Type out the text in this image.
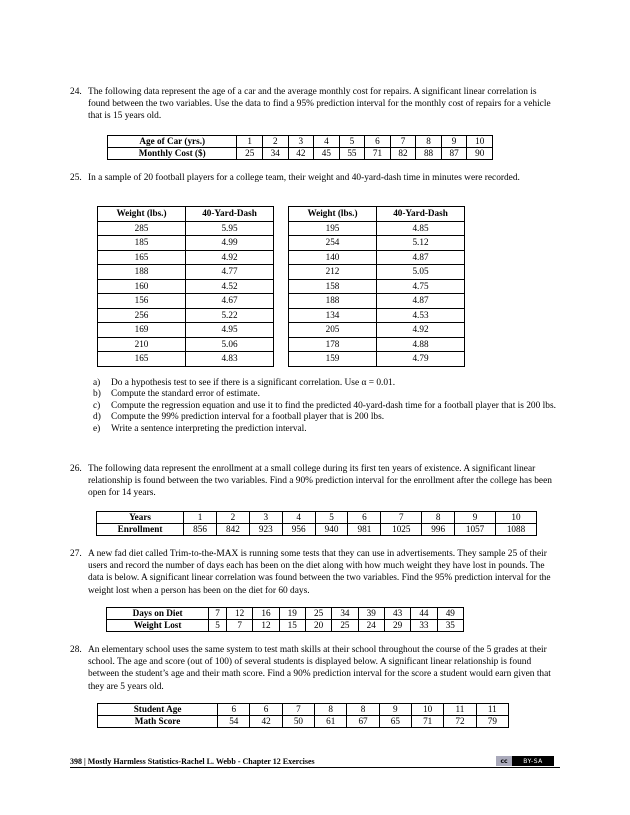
24. The following data represent the age of a car and the average monthly cost for repairs. A significant linear correlation is found between the two variables. Use the data to find a 95% prediction interval for the monthly cost of repairs for a vehicle that is 15 years old.
Age of Car (yrs.)	1	2	3	4	5	6	7	8	9	10
Monthly Cost ($)	25	34	42	45	55	71	82	88	87	90
25. In a sample of 20 football players for a college team, their weight and 40-yard-dash time in minutes were recorded.
Weight (lbs.)	40-Yard-Dash
285	5.95
185	4.99
165	4.92
188	4.77
160	4.52
156	4.67
256	5.22
169	4.95
210	5.06
165	4.83
Weight (lbs.)	40-Yard-Dash
195	4.85
254	5.12
140	4.87
212	5.05
158	4.75
188	4.87
134	4.53
205	4.92
178	4.88
159	4.79
a) Do a hypothesis test to see if there is a significant correlation. Use α = 0.01.
b) Compute the standard error of estimate.
c) Compute the regression equation and use it to find the predicted 40-yard-dash time for a football player that is 200 lbs.
d) Compute the 99% prediction interval for a football player that is 200 lbs.
e) Write a sentence interpreting the prediction interval.
26. The following data represent the enrollment at a small college during its first ten years of existence. A significant linear relationship is found between the two variables. Find a 90% prediction interval for the enrollment after the college has been open for 14 years.
Years	1	2	3	4	5	6	7	8	9	10
Enrollment	856	842	923	956	940	981	1025	996	1057	1088
27. A new fad diet called Trim-to-the-MAX is running some tests that they can use in advertisements. They sample 25 of their users and record the number of days each has been on the diet along with how much weight they have lost in pounds. The data is below. A significant linear correlation was found between the two variables. Find the 95% prediction interval for the weight lost when a person has been on the diet for 60 days.
Days on Diet	7	12	16	19	25	34	39	43	44	49
Weight Lost	5	7	12	15	20	25	24	29	33	35
28. An elementary school uses the same system to test math skills at their school throughout the course of the 5 grades at their school. The age and score (out of 100) of several students is displayed below. A significant linear relationship is found between the student’s age and their math score. Find a 90% prediction interval for the score a student would earn given that they are 5 years old.
Student Age	6	6	7	8	8	9	10	11	11
Math Score	54	42	50	61	67	65	71	72	79
398 | Mostly Harmless Statistics-Rachel L. Webb - Chapter 12 Exercises	cc	BY-SA
